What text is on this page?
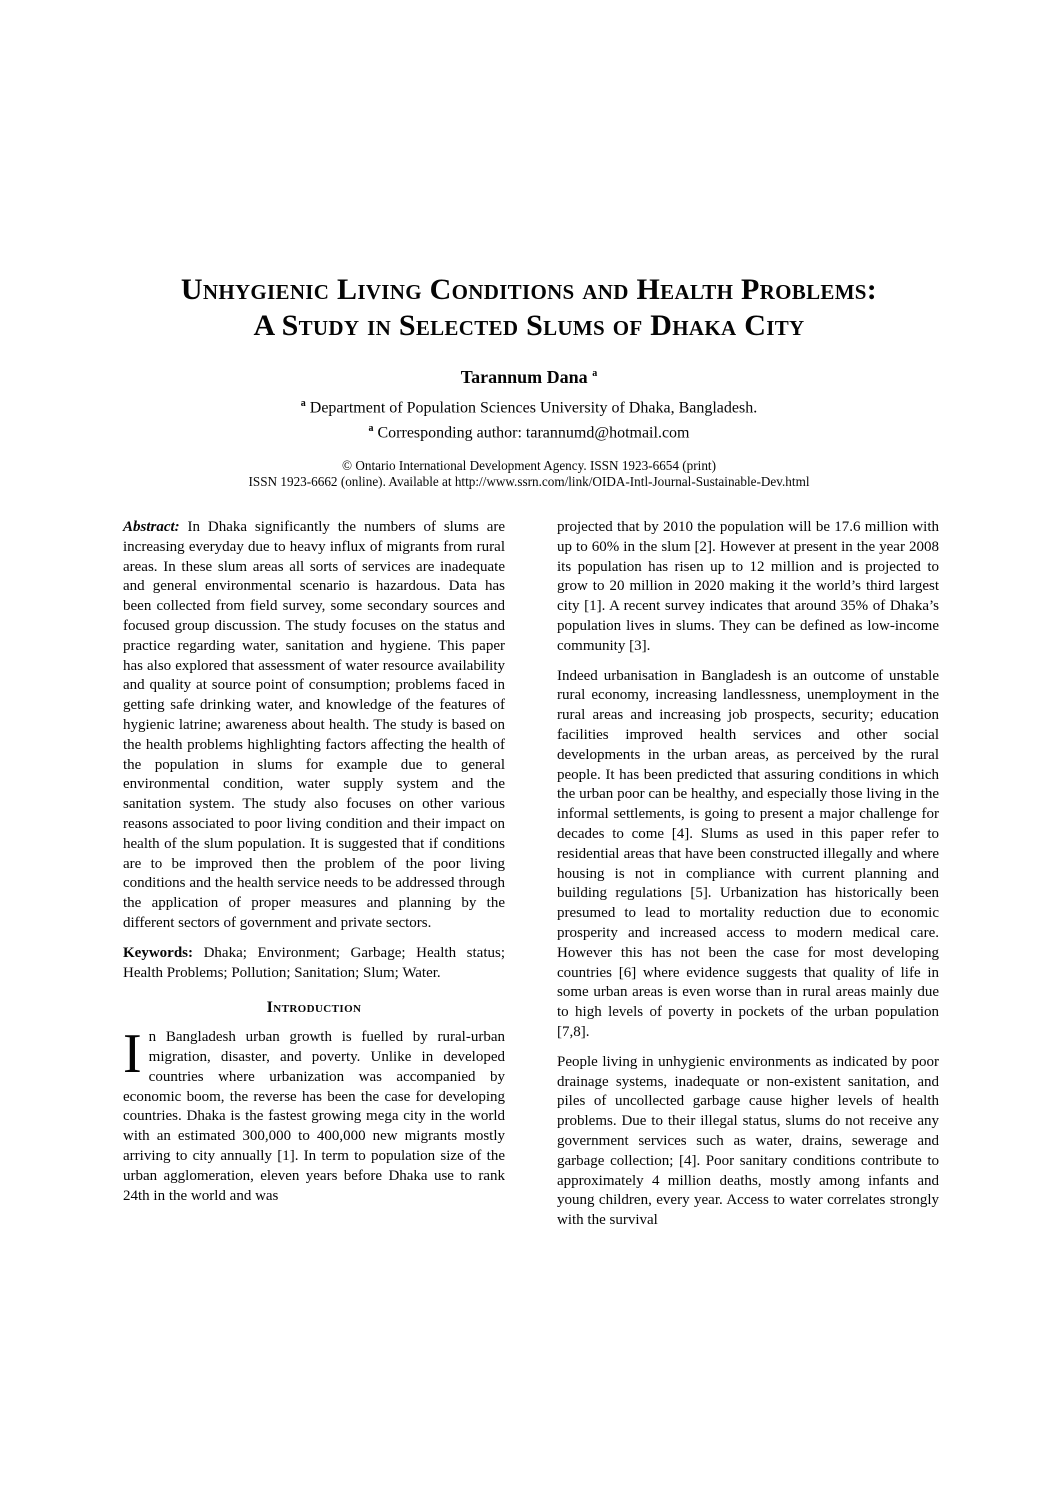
Unhygienic Living Conditions and Health Problems:
A Study in Selected Slums of Dhaka City
Tarannum Dana $^a$
$^a$ Department of Population Sciences University of Dhaka, Bangladesh.
$^a$ Corresponding author: tarannumd@hotmail.com
© Ontario International Development Agency. ISSN 1923-6654 (print)
ISSN 1923-6662 (online). Available at http://www.ssrn.com/link/OIDA-Intl-Journal-Sustainable-Dev.html

Abstract: In Dhaka significantly the numbers of slums are increasing everyday due to heavy influx of migrants from rural areas. In these slum areas all sorts of services are inadequate and general environmental scenario is hazardous. Data has been collected from field survey, some secondary sources and focused group discussion. The study focuses on the status and practice regarding water, sanitation and hygiene. This paper has also explored that assessment of water resource availability and quality at source point of consumption; problems faced in getting safe drinking water, and knowledge of the features of hygienic latrine; awareness about health. The study is based on the health problems highlighting factors affecting the health of the population in slums for example due to general environmental condition, water supply system and the sanitation system. The study also focuses on other various reasons associated to poor living condition and their impact on health of the slum population. It is suggested that if conditions are to be improved then the problem of the poor living conditions and the health service needs to be addressed through the application of proper measures and planning by the different sectors of government and private sectors.

Keywords: Dhaka; Environment; Garbage; Health status; Health Problems; Pollution; Sanitation; Slum; Water.

Introduction

In Bangladesh urban growth is fuelled by rural-urban migration, disaster, and poverty. Unlike in developed countries where urbanization was accompanied by economic boom, the reverse has been the case for developing countries. Dhaka is the fastest growing mega city in the world with an estimated 300,000 to 400,000 new migrants mostly arriving to city annually [1]. In term to population size of the urban agglomeration, eleven years before Dhaka use to rank 24th in the world and was

projected that by 2010 the population will be 17.6 million with up to 60% in the slum [2]. However at present in the year 2008 its population has risen up to 12 million and is projected to grow to 20 million in 2020 making it the world’s third largest city [1]. A recent survey indicates that around 35% of Dhaka’s population lives in slums. They can be defined as low-income community [3].

Indeed urbanisation in Bangladesh is an outcome of unstable rural economy, increasing landlessness, unemployment in the rural areas and increasing job prospects, security; education facilities improved health services and other social developments in the urban areas, as perceived by the rural people. It has been predicted that assuring conditions in which the urban poor can be healthy, and especially those living in the informal settlements, is going to present a major challenge for decades to come [4]. Slums as used in this paper refer to residential areas that have been constructed illegally and where housing is not in compliance with current planning and building regulations [5]. Urbanization has historically been presumed to lead to mortality reduction due to economic prosperity and increased access to modern medical care. However this has not been the case for most developing countries [6] where evidence suggests that quality of life in some urban areas is even worse than in rural areas mainly due to high levels of poverty in pockets of the urban population [7,8].

People living in unhygienic environments as indicated by poor drainage systems, inadequate or non-existent sanitation, and piles of uncollected garbage cause higher levels of health problems. Due to their illegal status, slums do not receive any government services such as water, drains, sewerage and garbage collection; [4]. Poor sanitary conditions contribute to approximately 4 million deaths, mostly among infants and young children, every year. Access to water correlates strongly with the survival
